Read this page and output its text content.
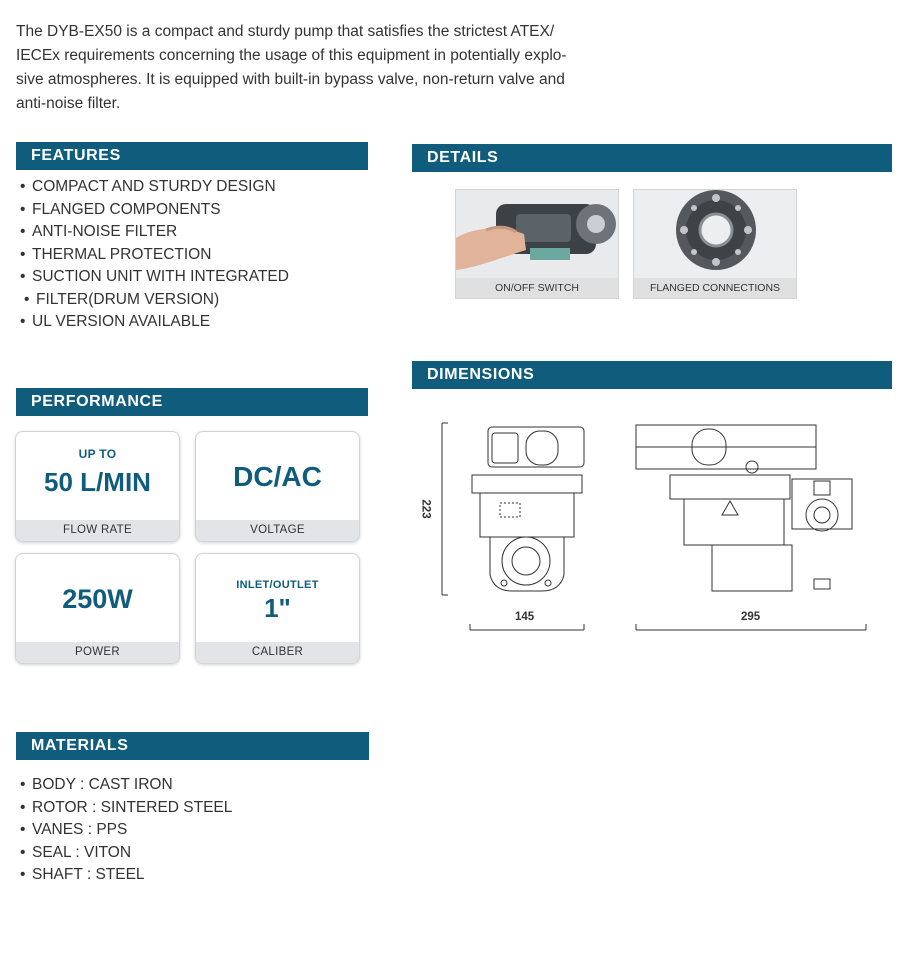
The DYB-EX50 is a compact and sturdy pump that satisfies the strictest ATEX/
IECEx requirements concerning the usage of this equipment in potentially explo-
sive atmospheres. It is equipped with built-in bypass valve, non-return valve and
anti-noise filter.

FEATURES
• COMPACT AND STURDY DESIGN
• FLANGED COMPONENTS
• ANTI-NOISE FILTER
• THERMAL PROTECTION
• SUCTION UNIT WITH INTEGRATED
• FILTER(DRUM VERSION)
• UL VERSION AVAILABLE
DETAILS
ON/OFF SWITCH	FLANGED CONNECTIONS
DIMENSIONS
223
145	295
PERFORMANCE
UP TO
50 L/MIN
FLOW RATE
DC/AC
VOLTAGE
250W
POWER
INLET/OUTLET
1"
CALIBER
MATERIALS
• BODY : CAST IRON
• ROTOR : SINTERED STEEL
• VANES : PPS
• SEAL : VITON
• SHAFT : STEEL
